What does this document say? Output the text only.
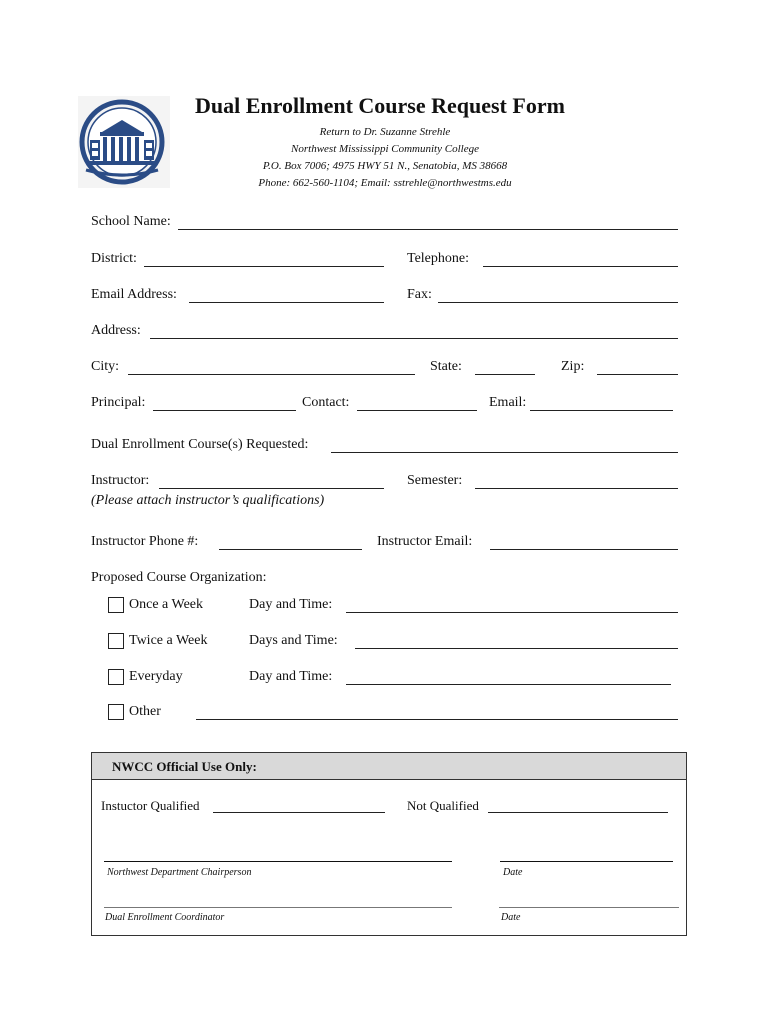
Dual Enrollment Course Request Form
Return to Dr. Suzanne Strehle
Northwest Mississippi Community College
P.O. Box 7006; 4975 HWY 51 N., Senatobia, MS 38668
Phone: 662-560-1104; Email: sstrehle@northwestms.edu
School Name:
District:	Telephone:
Email Address:	Fax:
Address:
City:	State:	Zip:
Principal:	Contact:	Email:
Dual Enrollment Course(s) Requested:
Instructor:	Semester:
(Please attach instructor’s qualifications)
Instructor Phone #:	Instructor Email:
Proposed Course Organization:
Once a Week	Day and Time:
Twice a Week	Days and Time:
Everyday	Day and Time:
Other
NWCC Official Use Only:
Instuctor Qualified	Not Qualified
Northwest Department Chairperson	Date
Dual Enrollment Coordinator	Date
